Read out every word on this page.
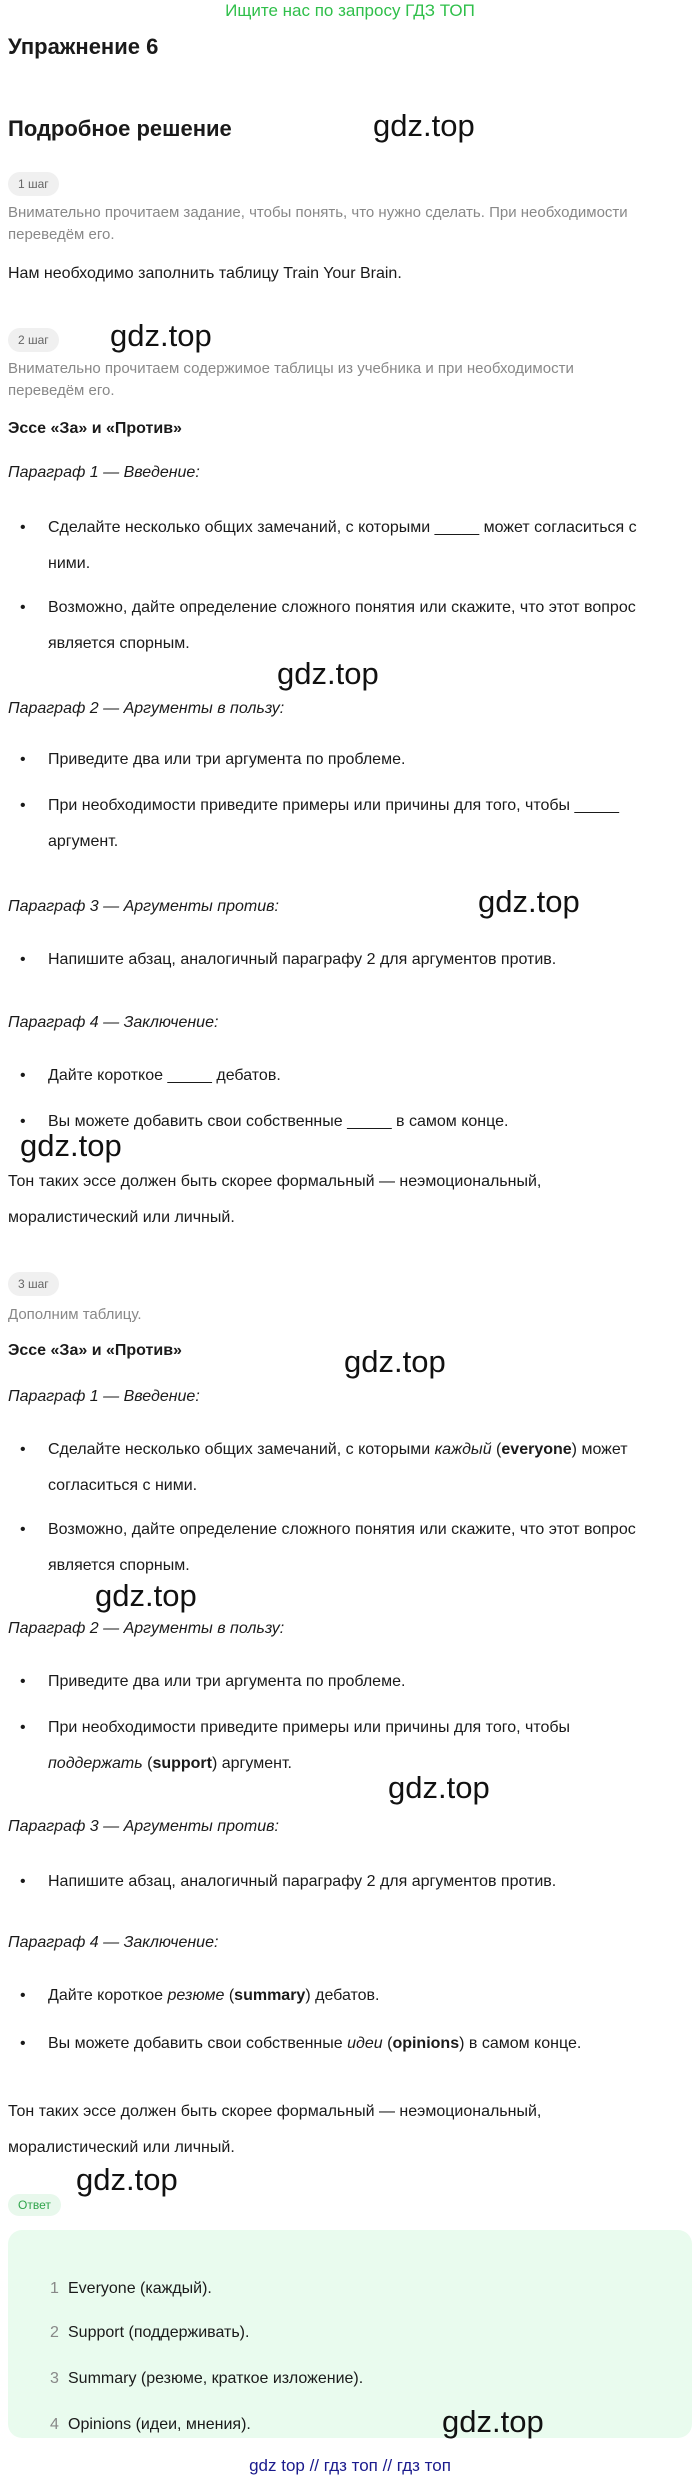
Ищите нас по запросу ГДЗ ТОП
Упражнение 6
Подробное решение	gdz.top
1 шаг
Внимательно прочитаем задание, чтобы понять, что нужно сделать. При необходимости переведём его.
Нам необходимо заполнить таблицу Train Your Brain.
2 шаг	gdz.top
Внимательно прочитаем содержимое таблицы из учебника и при необходимости переведём его.
Эссе «За» и «Против»
Параграф 1 — Введение:
• Сделайте несколько общих замечаний, с которыми _____ может согласиться с ними.
• Возможно, дайте определение сложного понятия или скажите, что этот вопрос является спорным.
gdz.top
Параграф 2 — Аргументы в пользу:
• Приведите два или три аргумента по проблеме.
• При необходимости приведите примеры или причины для того, чтобы _____ аргумент.
Параграф 3 — Аргументы против:	gdz.top
• Напишите абзац, аналогичный параграфу 2 для аргументов против.
Параграф 4 — Заключение:
• Дайте короткое _____ дебатов.
• Вы можете добавить свои собственные _____ в самом конце.
gdz.top
Тон таких эссе должен быть скорее формальный — неэмоциональный, моралистический или личный.
3 шаг
Дополним таблицу.
Эссе «За» и «Против»	gdz.top
Параграф 1 — Введение:
• Сделайте несколько общих замечаний, с которыми каждый (everyone) может согласиться с ними.
• Возможно, дайте определение сложного понятия или скажите, что этот вопрос является спорным.
gdz.top
Параграф 2 — Аргументы в пользу:
• Приведите два или три аргумента по проблеме.
• При необходимости приведите примеры или причины для того, чтобы поддержать (support) аргумент.
gdz.top
Параграф 3 — Аргументы против:
• Напишите абзац, аналогичный параграфу 2 для аргументов против.
Параграф 4 — Заключение:
• Дайте короткое резюме (summary) дебатов.
• Вы можете добавить свои собственные идеи (opinions) в самом конце.
Тон таких эссе должен быть скорее формальный — неэмоциональный, моралистический или личный.
gdz.top
Ответ
1 Everyone (каждый).
2 Support (поддерживать).
3 Summary (резюме, краткое изложение).
4 Opinions (идеи, мнения).	gdz.top
gdz top // гдз топ // гдз топ
